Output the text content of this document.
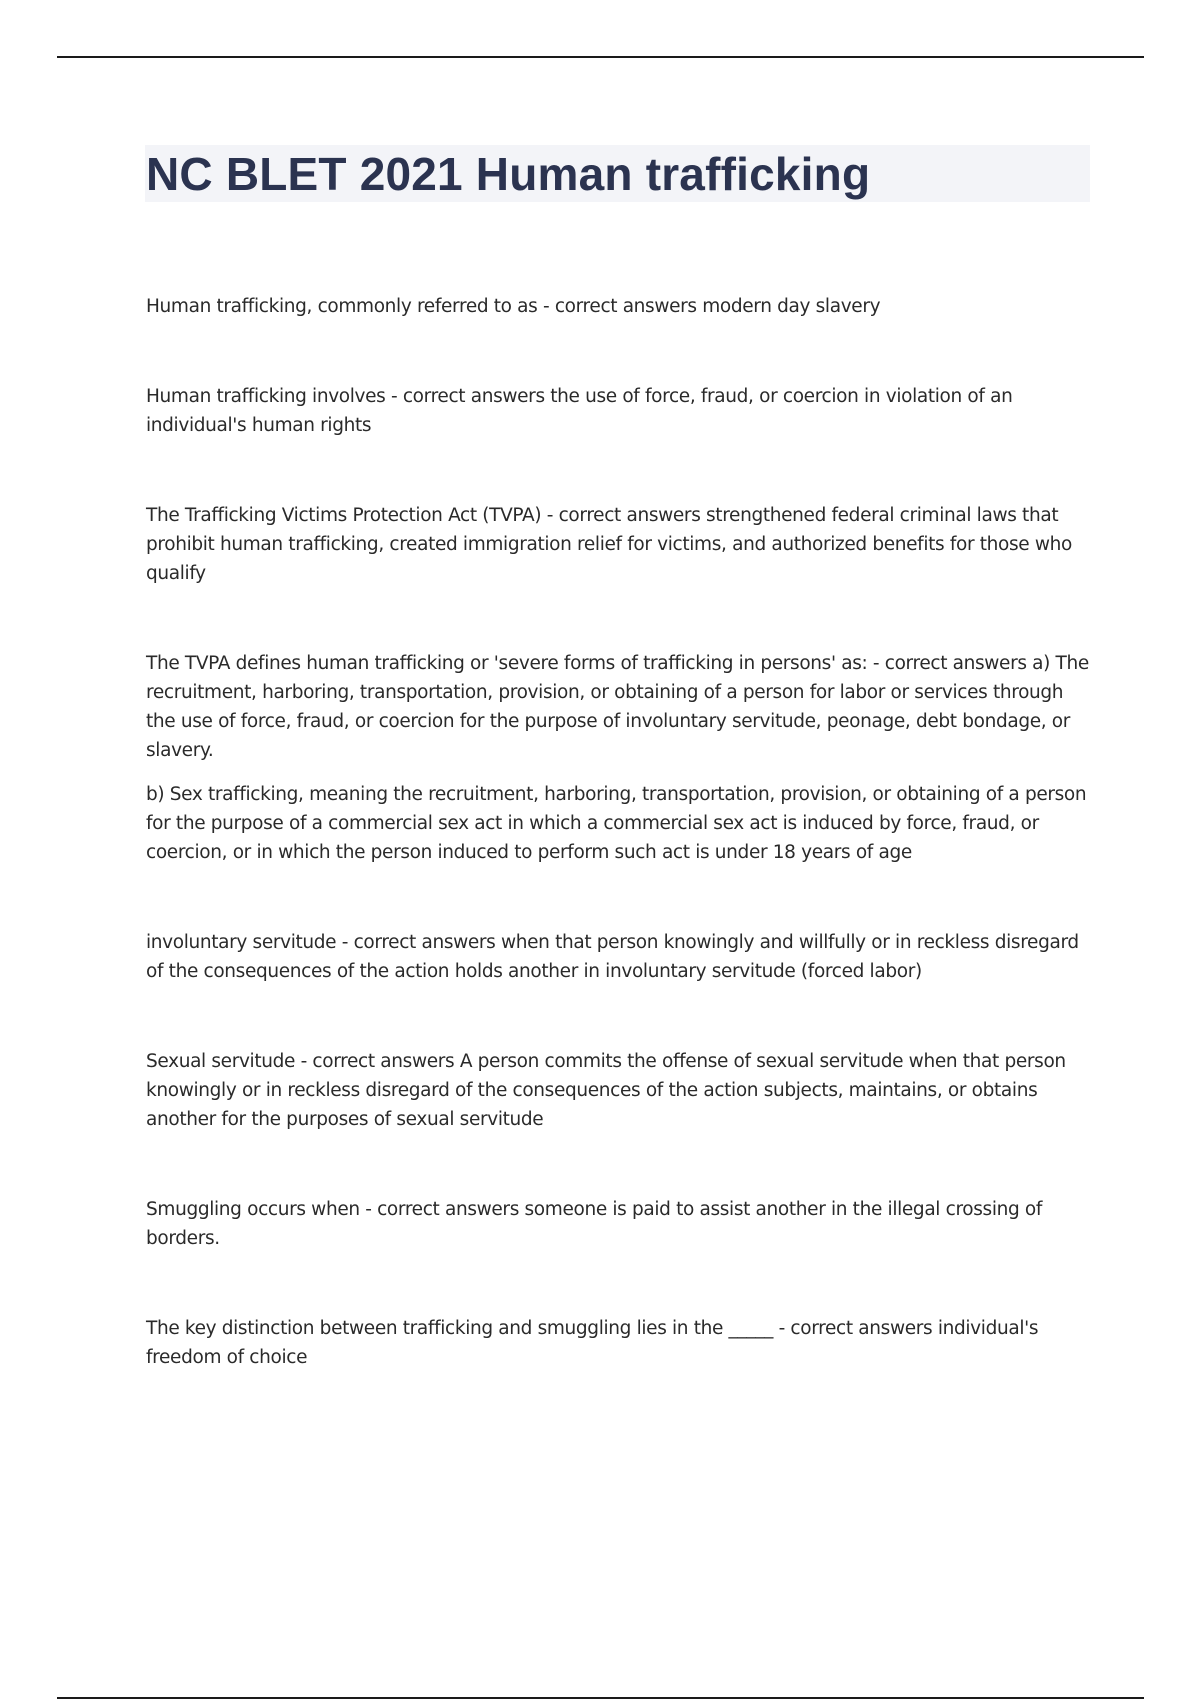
NC BLET 2021 Human trafficking

Human trafficking, commonly referred to as - correct answers modern day slavery

Human trafficking involves - correct answers the use of force, fraud, or coercion in violation of an individual's human rights

The Trafficking Victims Protection Act (TVPA) - correct answers strengthened federal criminal laws that prohibit human trafficking, created immigration relief for victims, and authorized benefits for those who qualify

The TVPA defines human trafficking or 'severe forms of trafficking in persons' as: - correct answers a) The recruitment, harboring, transportation, provision, or obtaining of a person for labor or services through the use of force, fraud, or coercion for the purpose of involuntary servitude, peonage, debt bondage, or slavery.

b) Sex trafficking, meaning the recruitment, harboring, transportation, provision, or obtaining of a person for the purpose of a commercial sex act in which a commercial sex act is induced by force, fraud, or coercion, or in which the person induced to perform such act is under 18 years of age

involuntary servitude - correct answers when that person knowingly and willfully or in reckless disregard of the consequences of the action holds another in involuntary servitude (forced labor)

Sexual servitude - correct answers A person commits the offense of sexual servitude when that person knowingly or in reckless disregard of the consequences of the action subjects, maintains, or obtains another for the purposes of sexual servitude

Smuggling occurs when - correct answers someone is paid to assist another in the illegal crossing of borders.

The key distinction between trafficking and smuggling lies in the _____ - correct answers individual's freedom of choice
